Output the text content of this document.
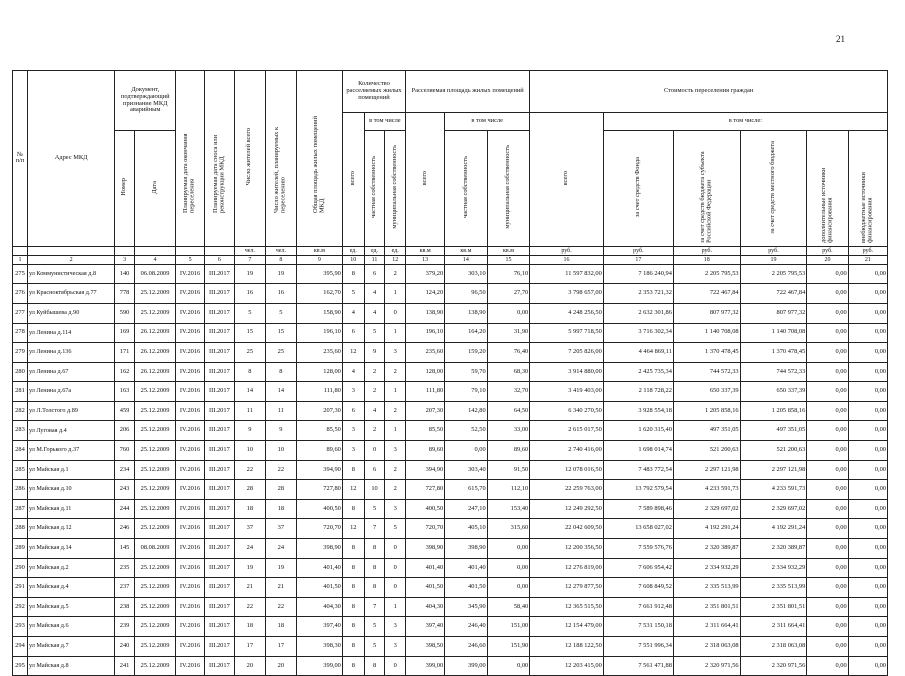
21
№ п/п	Адрес МКД	Документ, подтверждающий признание МКД аварийным		Планируемая дата окончания переселения	Планируемая дата сноса или реконструкции МКД	Число жителей всего	Число жителей, планируемых к переселению	Общая площадь жилых помещений МКД	Количество расселяемых жилых помещений			Расселяемая площадь жилых помещений			Стоимость переселения граждан					
									всего	в том числе		всего	в том числе		всего	в том числе:				
		Номер	Дата							частная собственность	муниципальная собственность		частная собственность	муниципальная собственность		за счет средств Фонда	за счет средств бюджета субъекта Российской Федерации	за счет средств местного бюджета	дополнительные источники финансирования	внебюджетные источники финансирования
						чел.	чел.	кв.м	ед.	ед.	ед.	кв.м	кв.м	кв.м	руб.	руб.	руб.	руб.	руб.	руб.
1	2	3	4	5	6	7	8	9	10	11	12	13	14	15	16	17	18	19	20	21
275	ул Коммунистическая д.8	140	06.08.2009	IV.2016	III.2017	19	19	395,90	8	6	2	379,20	303,10	76,10	11 597 832,00	7 186 240,94	2 205 795,53	2 205 795,53	0,00	0,00
276	ул Красноктябрьская д.77	778	25.12.2009	IV.2016	III.2017	16	16	162,70	5	4	1	124,20	96,50	27,70	3 798 657,00	2 353 721,32	722 467,84	722 467,84	0,00	0,00
277	ул Куйбышева д.90	590	25.12.2009	IV.2016	III.2017	5	5	158,90	4	4	0	138,90	138,90	0,00	4 248 256,50	2 632 301,86	807 977,32	807 977,32	0,00	0,00
278	ул Ленина д.114	169	26.12.2009	IV.2016	III.2017	15	15	196,10	6	5	1	196,10	164,20	31,90	5 997 718,50	3 716 302,34	1 140 708,08	1 140 708,08	0,00	0,00
279	ул Ленина д.136	171	26.12.2009	IV.2016	III.2017	25	25	235,60	12	9	3	235,60	159,20	76,40	7 205 826,00	4 464 869,11	1 370 478,45	1 370 478,45	0,00	0,00
280	ул Ленина д.67	162	26.12.2009	IV.2016	III.2017	8	8	128,00	4	2	2	128,00	59,70	68,30	3 914 880,00	2 425 735,34	744 572,33	744 572,33	0,00	0,00
281	ул Ленина д.67а	163	25.12.2009	IV.2016	III.2017	14	14	111,80	3	2	1	111,80	79,10	32,70	3 419 403,00	2 118 728,22	650 337,39	650 337,39	0,00	0,00
282	ул Л.Толстого д.89	459	25.12.2009	IV.2016	III.2017	11	11	207,30	6	4	2	207,30	142,80	64,50	6 340 270,50	3 928 554,18	1 205 858,16	1 205 858,16	0,00	0,00
283	ул Луговая д.4	206	25.12.2009	IV.2016	III.2017	9	9	85,50	3	2	1	85,50	52,50	33,00	2 615 017,50	1 620 315,40	497 351,05	497 351,05	0,00	0,00
284	ул М.Горького д.37	760	25.12.2009	IV.2016	III.2017	10	10	89,60	3	0	3	89,60	0,00	89,60	2 740 416,00	1 698 014,74	521 200,63	521 200,63	0,00	0,00
285	ул Майская д.1	234	25.12.2009	IV.2016	III.2017	22	22	394,90	8	6	2	394,90	303,40	91,50	12 078 016,50	7 483 772,54	2 297 121,98	2 297 121,98	0,00	0,00
286	ул Майская д.10	243	25.12.2009	IV.2016	III.2017	28	28	727,80	12	10	2	727,80	615,70	112,10	22 259 763,00	13 792 579,54	4 233 591,73	4 233 591,73	0,00	0,00
287	ул Майская д.11	244	25.12.2009	IV.2016	III.2017	18	18	400,50	8	5	3	400,50	247,10	153,40	12 249 292,50	7 589 898,46	2 329 697,02	2 329 697,02	0,00	0,00
288	ул Майская д.12	246	25.12.2009	IV.2016	III.2017	37	37	720,70	12	7	5	720,70	405,10	315,60	22 042 609,50	13 658 027,02	4 192 291,24	4 192 291,24	0,00	0,00
289	ул Майская д.14	145	08.08.2009	IV.2016	III.2017	24	24	398,90	8	8	0	398,90	398,90	0,00	12 200 356,50	7 559 576,76	2 320 389,87	2 320 389,87	0,00	0,00
290	ул Майская д.2	235	25.12.2009	IV.2016	III.2017	19	19	401,40	8	8	0	401,40	401,40	0,00	12 276 819,00	7 606 954,42	2 334 932,29	2 334 932,29	0,00	0,00
291	ул Майская д.4	237	25.12.2009	IV.2016	III.2017	21	21	401,50	8	8	0	401,50	401,50	0,00	12 279 877,50	7 608 849,52	2 335 513,99	2 335 513,99	0,00	0,00
292	ул Майская д.5	238	25.12.2009	IV.2016	III.2017	22	22	404,30	8	7	1	404,30	345,90	58,40	12 365 515,50	7 661 912,48	2 351 801,51	2 351 801,51	0,00	0,00
293	ул Майская д.6	239	25.12.2009	IV.2016	III.2017	18	18	397,40	8	5	3	397,40	246,40	151,00	12 154 479,00	7 531 150,18	2 311 664,41	2 311 664,41	0,00	0,00
294	ул Майская д.7	240	25.12.2009	IV.2016	III.2017	17	17	398,30	8	5	3	398,50	246,60	151,90	12 188 122,50	7 551 996,34	2 318 063,08	2 318 063,08	0,00	0,00
295	ул Майская д.8	241	25.12.2009	IV.2016	III.2017	20	20	399,00	8	8	0	399,00	399,00	0,00	12 203 415,00	7 561 471,88	2 320 971,56	2 320 971,56	0,00	0,00
